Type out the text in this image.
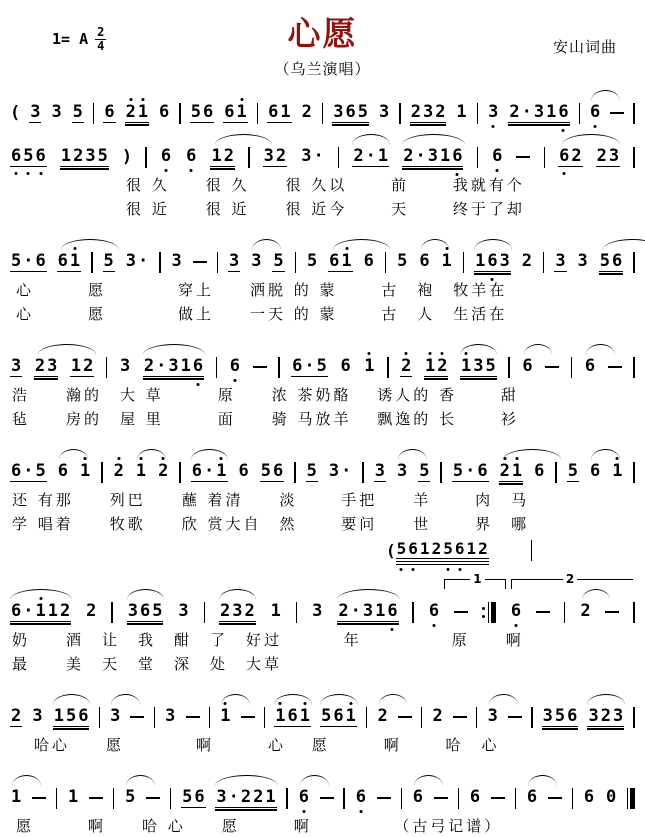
1= A $\frac{2}{4}$	心愿
（乌兰演唱）
安山词曲
( 3 3 5 6 2 1 6 5 6 6 1 6 1 2 3 6 5 3 2 3 2 1 3 2 · 3 1 6 6
6 5 6 1 2 3 5 ) 6 6 1 2 3 2 3 · 2 · 1 2 · 3 1 6 6	6 2 2 3
很 久　　很 久　　很 久以　　 前　　 我就有个
很 近　　很 近　　很 近今　　 天　　 终于了却
5 · 6 6 1 5 3 · 3	3 3 5 5 6 1 6 5 6 1 1 6 3 2 3 3 5 6
心　　　愿　　　　穿上　　洒脱 的 蒙　　 古　袍　牧羊在
心　　　愿　　　　做上　　一天 的 蒙　　 古　人　生活在
3 2 3 1 2 3 2 · 3 1 6 6	6 · 5 6 1 2 1 2 1 3 5 6	6
浩　　瀚的　大 草　　　原　　浓 茶奶酪　 诱人的 香　　 甜
毡　　房的　屋 里　　　面　　骑 马放羊　 飘逸的 长　　 衫
6 · 5 6 1 2 1 2 6 · 1 6 5 6 5 3 · 3 3 5 5 · 6 2 1 6 5 6 1
还 有那　　列巴　　蘸 着清　　淡　　 手把　　羊　　 肉　马
学 唱着　　牧歌　　欣 赏大自　然　　 要问　　世　　 界　哪
( 5 6 1 2 5 6 1 2
6 · 1 1 2 2 3 6 5 3 2 3 2 1 3 2 · 3 1 6 6	6	2
奶　　酒　让　我　酣　了　好过　　　 年　　　　　原　　啊
最　　美　天　堂　深　处　大草
1	2
2 3 1 5 6 3	3	1	1 6 1 5 6 1 2	2	3	3 5 6 3 2 3
哈心　　愿　　　　啊　　　心　 愿　　　啊　　 哈　心
1	1	5	5 6 3 · 2 2 1 6	6	6	6	6	6 0
愿　　　啊　　哈 心　　愿　　　啊　　　　　（古弓记谱）
